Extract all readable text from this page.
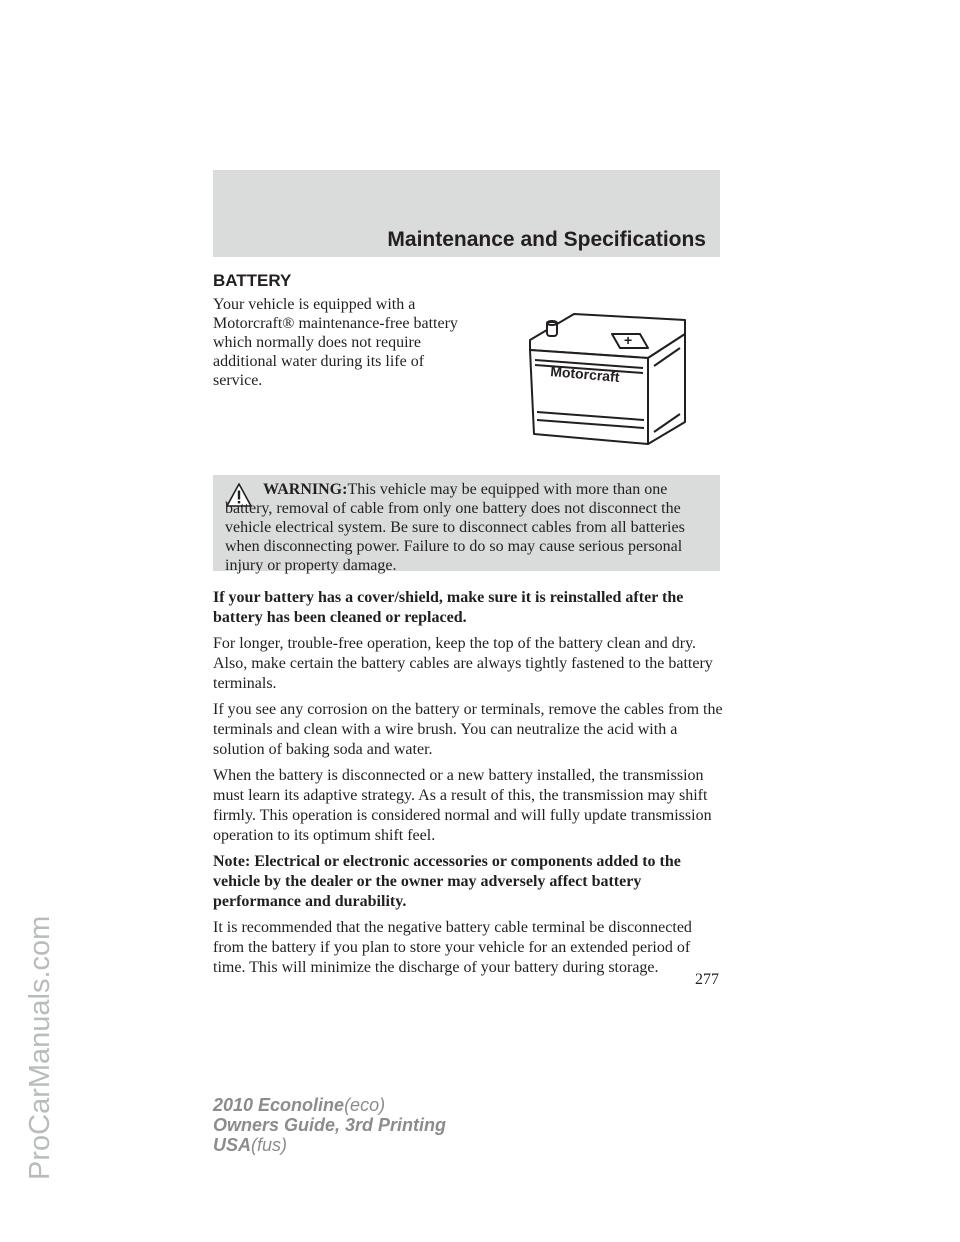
Maintenance and Specifications
BATTERY
Your vehicle is equipped with a Motorcraft® maintenance-free battery which normally does not require additional water during its life of service.
+
Motorcraft
WARNING:This vehicle may be equipped with more than one battery, removal of cable from only one battery does not disconnect the vehicle electrical system. Be sure to disconnect cables from all batteries when disconnecting power. Failure to do so may cause serious personal injury or property damage.
If your battery has a cover/shield, make sure it is reinstalled after the battery has been cleaned or replaced.
For longer, trouble-free operation, keep the top of the battery clean and dry. Also, make certain the battery cables are always tightly fastened to the battery terminals.
If you see any corrosion on the battery or terminals, remove the cables from the terminals and clean with a wire brush. You can neutralize the acid with a solution of baking soda and water.
When the battery is disconnected or a new battery installed, the transmission must learn its adaptive strategy. As a result of this, the transmission may shift firmly. This operation is considered normal and will fully update transmission operation to its optimum shift feel.
Note: Electrical or electronic accessories or components added to the vehicle by the dealer or the owner may adversely affect battery performance and durability.
It is recommended that the negative battery cable terminal be disconnected from the battery if you plan to store your vehicle for an extended period of time. This will minimize the discharge of your battery during storage.
277
2010 Econoline(eco)
Owners Guide, 3rd Printing
USA(fus)
ProCarManuals.com
